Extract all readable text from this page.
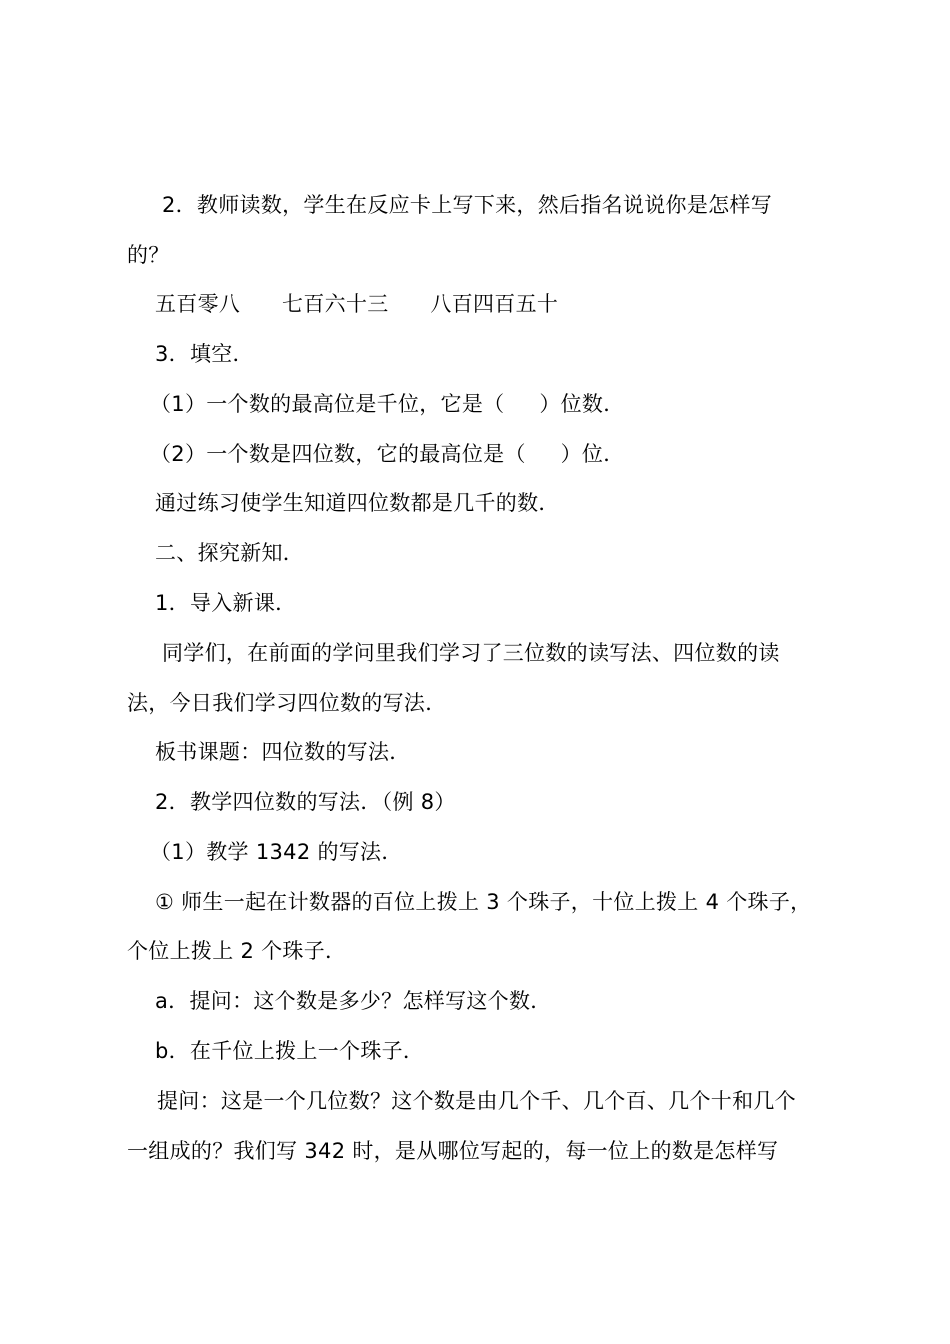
2．教师读数，学生在反应卡上写下来，然后指名说说你是怎样写
的？
五百零八      七百六十三      八百四百五十
3．填空．
（1）一个数的最高位是千位，它是（     ）位数．
（2）一个数是四位数，它的最高位是（     ）位．
通过练习使学生知道四位数都是几千的数．
二、探究新知．
1．导入新课．
同学们，在前面的学问里我们学习了三位数的读写法、四位数的读
法，今日我们学习四位数的写法．
板书课题：四位数的写法．
2．教学四位数的写法．（例 8）
（1）教学 1342 的写法．
① 师生一起在计数器的百位上拨上 3 个珠子，十位上拨上 4 个珠子，
个位上拨上 2 个珠子．
a．提问：这个数是多少？怎样写这个数．
b．在千位上拨上一个珠子．
提问：这是一个几位数？这个数是由几个千、几个百、几个十和几个
一组成的？我们写 342 时，是从哪位写起的，每一位上的数是怎样写
